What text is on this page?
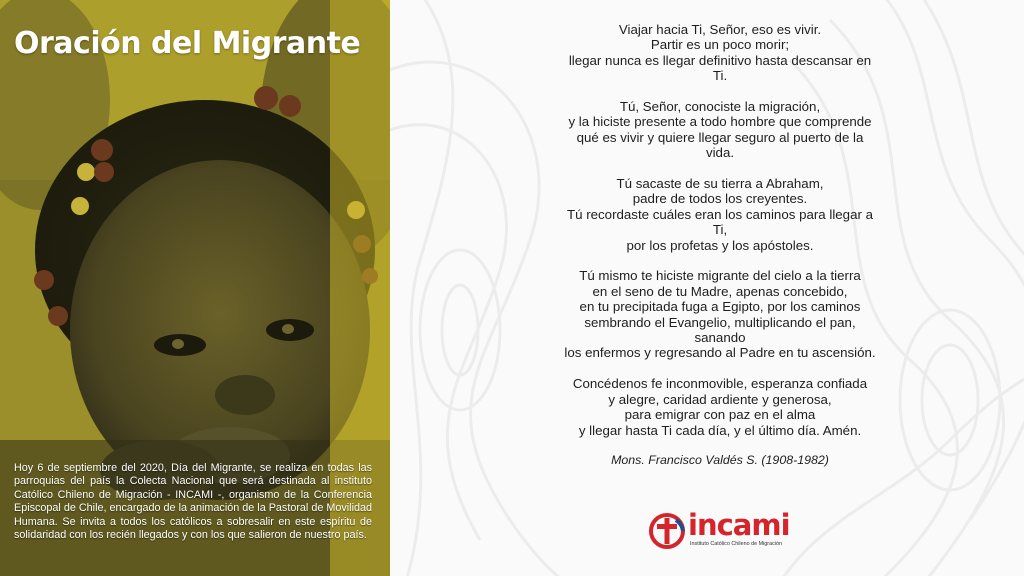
Oración del Migrante

Hoy 6 de septiembre del 2020, Día del Migrante, se realiza en todas las parroquias del país la Colecta Nacional que será destinada al instituto Católico Chileno de Migración - INCAMI -, organismo de la Conferencia Episcopal de Chile, encargado de la animación de la Pastoral de Movilidad Humana. Se invita a todos los católicos a sobresalir en este espíritu de solidaridad con los recién llegados y con los que salieron de nuestro país.

Viajar hacia Ti, Señor, eso es vivir.
Partir es un poco morir;
llegar nunca es llegar definitivo hasta descansar en
Ti.

Tú, Señor, conociste la migración,
y la hiciste presente a todo hombre que comprende
qué es vivir y quiere llegar seguro al puerto de la
vida.

Tú sacaste de su tierra a Abraham,
padre de todos los creyentes.
Tú recordaste cuáles eran los caminos para llegar a
Ti,
por los profetas y los apóstoles.

Tú mismo te hiciste migrante del cielo a la tierra
en el seno de tu Madre, apenas concebido,
en tu precipitada fuga a Egipto, por los caminos
sembrando el Evangelio, multiplicando el pan,
sanando
los enfermos y regresando al Padre en tu ascensión.

Concédenos fe inconmovible, esperanza confiada
y alegre, caridad ardiente y generosa,
para emigrar con paz en el alma
y llegar hasta Ti cada día, y el último día. Amén.

Mons. Francisco Valdés S. (1908-1982)

incami
Instituto Católico Chileno de Migración
